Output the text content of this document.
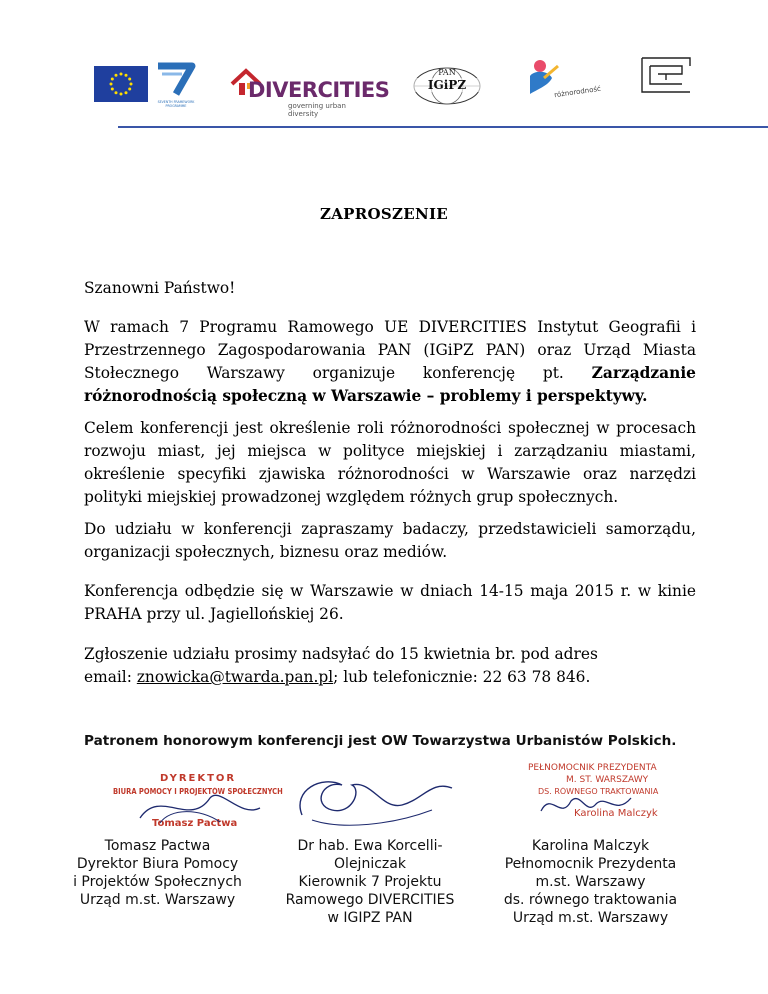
SEVENTH FRAMEWORK PROGRAMME
DIVERCITIES
governing urban diversity
PAN
IGiPZ	różnorodność
ZAPROSZENIE
Szanowni Państwo!
W ramach 7 Programu Ramowego UE DIVERCITIES Instytut Geografii i Przestrzennego Zagospodarowania PAN (IGiPZ PAN) oraz Urząd Miasta Stołecznego Warszawy organizuje konferencję pt. Zarządzanie różnorodnością społeczną w Warszawie – problemy i perspektywy.
Celem konferencji jest określenie roli różnorodności społecznej w procesach rozwoju miast, jej miejsca w polityce miejskiej i zarządzaniu miastami, określenie specyfiki zjawiska różnorodności w Warszawie oraz narzędzi polityki miejskiej prowadzonej względem różnych grup społecznych.
Do udziału w konferencji zapraszamy badaczy, przedstawicieli samorządu, organizacji społecznych, biznesu oraz mediów.
Konferencja odbędzie się w Warszawie w dniach 14-15 maja 2015 r. w kinie PRAHA przy ul. Jagiellońskiej 26.
Zgłoszenie udziału prosimy nadsyłać do 15 kwietnia br. pod adres
email: znowicka@twarda.pan.pl; lub telefonicznie: 22 63 78 846.
Patronem honorowym konferencji jest OW Towarzystwa Urbanistów Polskich.
DYREKTOR
BIURA POMOCY I PROJEKTÓW SPOŁECZNYCH
Tomasz Pactwa
PEŁNOMOCNIK PREZYDENTA
M. ST. WARSZAWY
DS. RÓWNEGO TRAKTOWANIA
Karolina Malczyk
Tomasz Pactwa
Dyrektor Biura Pomocy
i Projektów Społecznych
Urząd m.st. Warszawy
Dr hab. Ewa Korcelli-
Olejniczak
Kierownik 7 Projektu
Ramowego DIVERCITIES
w IGIPZ PAN
Karolina Malczyk
Pełnomocnik Prezydenta
m.st. Warszawy
ds. równego traktowania
Urząd m.st. Warszawy
